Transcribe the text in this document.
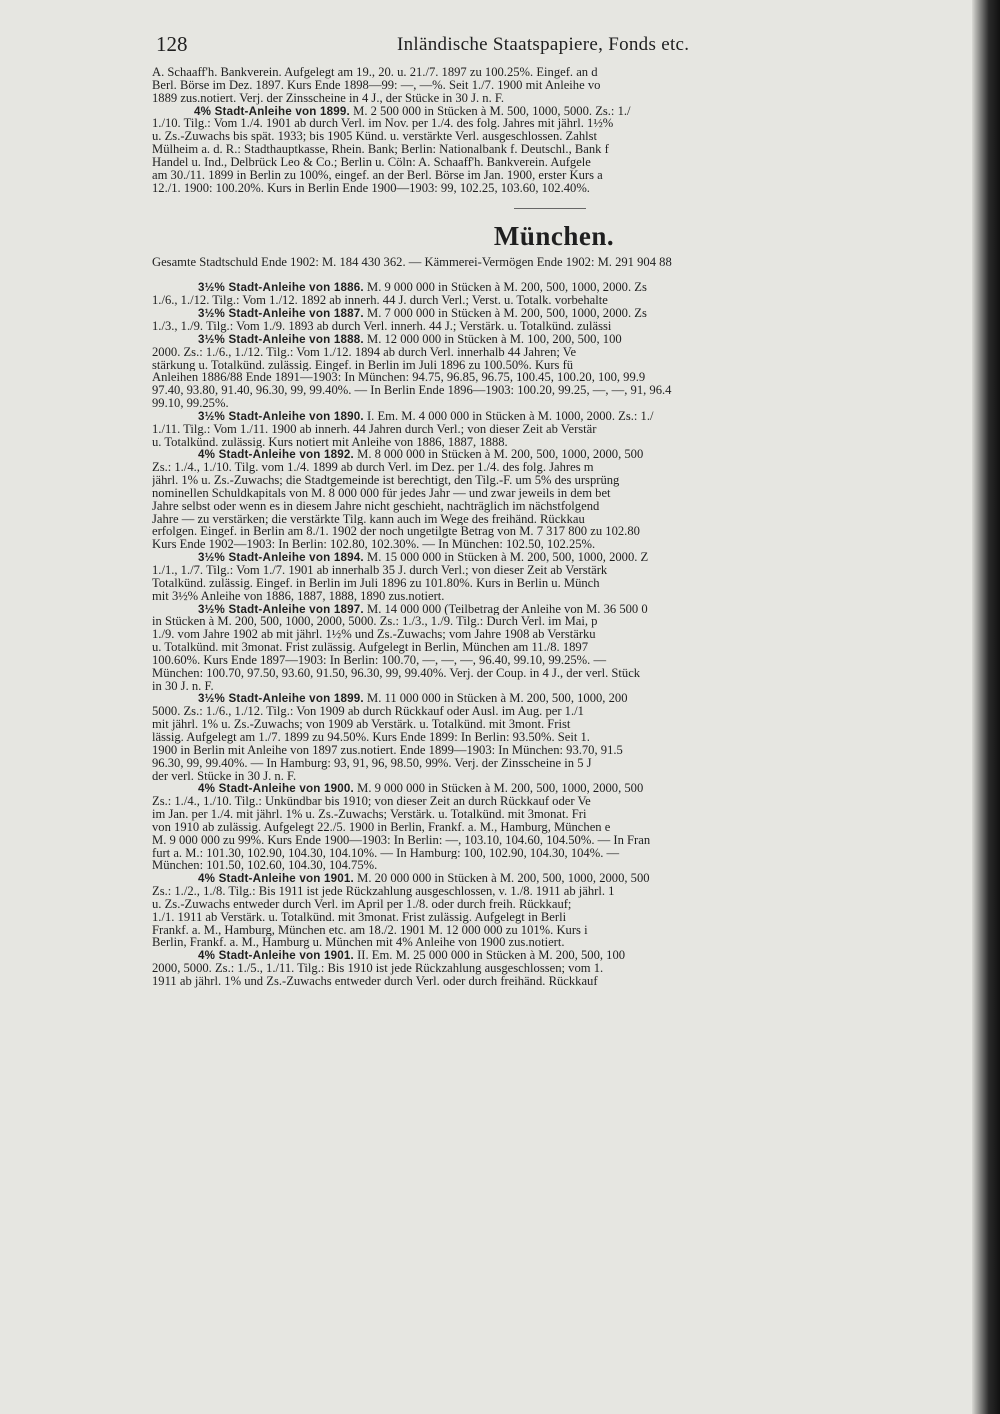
128	Inländische Staatspapiere, Fonds etc.
A. Schaaff'h. Bankverein. Aufgelegt am 19., 20. u. 21./7. 1897 zu 100.25%. Eingef. an d
Berl. Börse im Dez. 1897. Kurs Ende 1898—99: —, —%. Seit 1./7. 1900 mit Anleihe vo
1889 zus.notiert. Verj. der Zinsscheine in 4 J., der Stücke in 30 J. n. F.
4% Stadt-Anleihe von 1899. M. 2 500 000 in Stücken à M. 500, 1000, 5000. Zs.: 1./
1./10. Tilg.: Vom 1./4. 1901 ab durch Verl. im Nov. per 1./4. des folg. Jahres mit jährl. 1½%
u. Zs.-Zuwachs bis spät. 1933; bis 1905 Künd. u. verstärkte Verl. ausgeschlossen. Zahlst
Mülheim a. d. R.: Stadthauptkasse, Rhein. Bank; Berlin: Nationalbank f. Deutschl., Bank f
Handel u. Ind., Delbrück Leo & Co.; Berlin u. Cöln: A. Schaaff'h. Bankverein. Aufgele
am 30./11. 1899 in Berlin zu 100%, eingef. an der Berl. Börse im Jan. 1900, erster Kurs a
12./1. 1900: 100.20%. Kurs in Berlin Ende 1900—1903: 99, 102.25, 103.60, 102.40%.
München.
Gesamte Stadtschuld Ende 1902: M. 184 430 362. — Kämmerei-Vermögen Ende 1902: M. 291 904 88
3½% Stadt-Anleihe von 1886. M. 9 000 000 in Stücken à M. 200, 500, 1000, 2000. Zs
1./6., 1./12. Tilg.: Vom 1./12. 1892 ab innerh. 44 J. durch Verl.; Verst. u. Totalk. vorbehalte
3½% Stadt-Anleihe von 1887. M. 7 000 000 in Stücken à M. 200, 500, 1000, 2000. Zs
1./3., 1./9. Tilg.: Vom 1./9. 1893 ab durch Verl. innerh. 44 J.; Verstärk. u. Totalkünd. zulässi
3½% Stadt-Anleihe von 1888. M. 12 000 000 in Stücken à M. 100, 200, 500, 100
2000. Zs.: 1./6., 1./12. Tilg.: Vom 1./12. 1894 ab durch Verl. innerhalb 44 Jahren; Ve
stärkung u. Totalkünd. zulässig. Eingef. in Berlin im Juli 1896 zu 100.50%. Kurs fü
Anleihen 1886/88 Ende 1891—1903: In München: 94.75, 96.85, 96.75, 100.45, 100.20, 100, 99.9
97.40, 93.80, 91.40, 96.30, 99, 99.40%. — In Berlin Ende 1896—1903: 100.20, 99.25, —, —, 91, 96.4
99.10, 99.25%.
3½% Stadt-Anleihe von 1890. I. Em. M. 4 000 000 in Stücken à M. 1000, 2000. Zs.: 1./
1./11. Tilg.: Vom 1./11. 1900 ab innerh. 44 Jahren durch Verl.; von dieser Zeit ab Verstär
u. Totalkünd. zulässig. Kurs notiert mit Anleihe von 1886, 1887, 1888.
4% Stadt-Anleihe von 1892. M. 8 000 000 in Stücken à M. 200, 500, 1000, 2000, 500
Zs.: 1./4., 1./10. Tilg. vom 1./4. 1899 ab durch Verl. im Dez. per 1./4. des folg. Jahres m
jährl. 1% u. Zs.-Zuwachs; die Stadtgemeinde ist berechtigt, den Tilg.-F. um 5% des ursprüng
nominellen Schuldkapitals von M. 8 000 000 für jedes Jahr — und zwar jeweils in dem bet
Jahre selbst oder wenn es in diesem Jahre nicht geschieht, nachträglich im nächstfolgend
Jahre — zu verstärken; die verstärkte Tilg. kann auch im Wege des freihänd. Rückkau
erfolgen. Eingef. in Berlin am 8./1. 1902 der noch ungetilgte Betrag von M. 7 317 800 zu 102.80
Kurs Ende 1902—1903: In Berlin: 102.80, 102.30%. — In München: 102.50, 102.25%.
3½% Stadt-Anleihe von 1894. M. 15 000 000 in Stücken à M. 200, 500, 1000, 2000. Z
1./1., 1./7. Tilg.: Vom 1./7. 1901 ab innerhalb 35 J. durch Verl.; von dieser Zeit ab Verstärk
Totalkünd. zulässig. Eingef. in Berlin im Juli 1896 zu 101.80%. Kurs in Berlin u. Münch
mit 3½% Anleihe von 1886, 1887, 1888, 1890 zus.notiert.
3½% Stadt-Anleihe von 1897. M. 14 000 000 (Teilbetrag der Anleihe von M. 36 500 0
in Stücken à M. 200, 500, 1000, 2000, 5000. Zs.: 1./3., 1./9. Tilg.: Durch Verl. im Mai, p
1./9. vom Jahre 1902 ab mit jährl. 1½% und Zs.-Zuwachs; vom Jahre 1908 ab Verstärku
u. Totalkünd. mit 3monat. Frist zulässig. Aufgelegt in Berlin, München am 11./8. 1897
100.60%. Kurs Ende 1897—1903: In Berlin: 100.70, —, —, —, 96.40, 99.10, 99.25%. —
München: 100.70, 97.50, 93.60, 91.50, 96.30, 99, 99.40%. Verj. der Coup. in 4 J., der verl. Stück
in 30 J. n. F.
3½% Stadt-Anleihe von 1899. M. 11 000 000 in Stücken à M. 200, 500, 1000, 200
5000. Zs.: 1./6., 1./12. Tilg.: Von 1909 ab durch Rückkauf oder Ausl. im Aug. per 1./1
mit jährl. 1% u. Zs.-Zuwachs; von 1909 ab Verstärk. u. Totalkünd. mit 3mont. Frist
lässig. Aufgelegt am 1./7. 1899 zu 94.50%. Kurs Ende 1899: In Berlin: 93.50%. Seit 1.
1900 in Berlin mit Anleihe von 1897 zus.notiert. Ende 1899—1903: In München: 93.70, 91.5
96.30, 99, 99.40%. — In Hamburg: 93, 91, 96, 98.50, 99%. Verj. der Zinsscheine in 5 J
der verl. Stücke in 30 J. n. F.
4% Stadt-Anleihe von 1900. M. 9 000 000 in Stücken à M. 200, 500, 1000, 2000, 500
Zs.: 1./4., 1./10. Tilg.: Unkündbar bis 1910; von dieser Zeit an durch Rückkauf oder Ve
im Jan. per 1./4. mit jährl. 1% u. Zs.-Zuwachs; Verstärk. u. Totalkünd. mit 3monat. Fri
von 1910 ab zulässig. Aufgelegt 22./5. 1900 in Berlin, Frankf. a. M., Hamburg, München e
M. 9 000 000 zu 99%. Kurs Ende 1900—1903: In Berlin: —, 103.10, 104.60, 104.50%. — In Fran
furt a. M.: 101.30, 102.90, 104.30, 104.10%. — In Hamburg: 100, 102.90, 104.30, 104%. —
München: 101.50, 102.60, 104.30, 104.75%.
4% Stadt-Anleihe von 1901. M. 20 000 000 in Stücken à M. 200, 500, 1000, 2000, 500
Zs.: 1./2., 1./8. Tilg.: Bis 1911 ist jede Rückzahlung ausgeschlossen, v. 1./8. 1911 ab jährl. 1
u. Zs.-Zuwachs entweder durch Verl. im April per 1./8. oder durch freih. Rückkauf;
1./1. 1911 ab Verstärk. u. Totalkünd. mit 3monat. Frist zulässig. Aufgelegt in Berli
Frankf. a. M., Hamburg, München etc. am 18./2. 1901 M. 12 000 000 zu 101%. Kurs i
Berlin, Frankf. a. M., Hamburg u. München mit 4% Anleihe von 1900 zus.notiert.
4% Stadt-Anleihe von 1901. II. Em. M. 25 000 000 in Stücken à M. 200, 500, 100
2000, 5000. Zs.: 1./5., 1./11. Tilg.: Bis 1910 ist jede Rückzahlung ausgeschlossen; vom 1.
1911 ab jährl. 1% und Zs.-Zuwachs entweder durch Verl. oder durch freihänd. Rückkauf
